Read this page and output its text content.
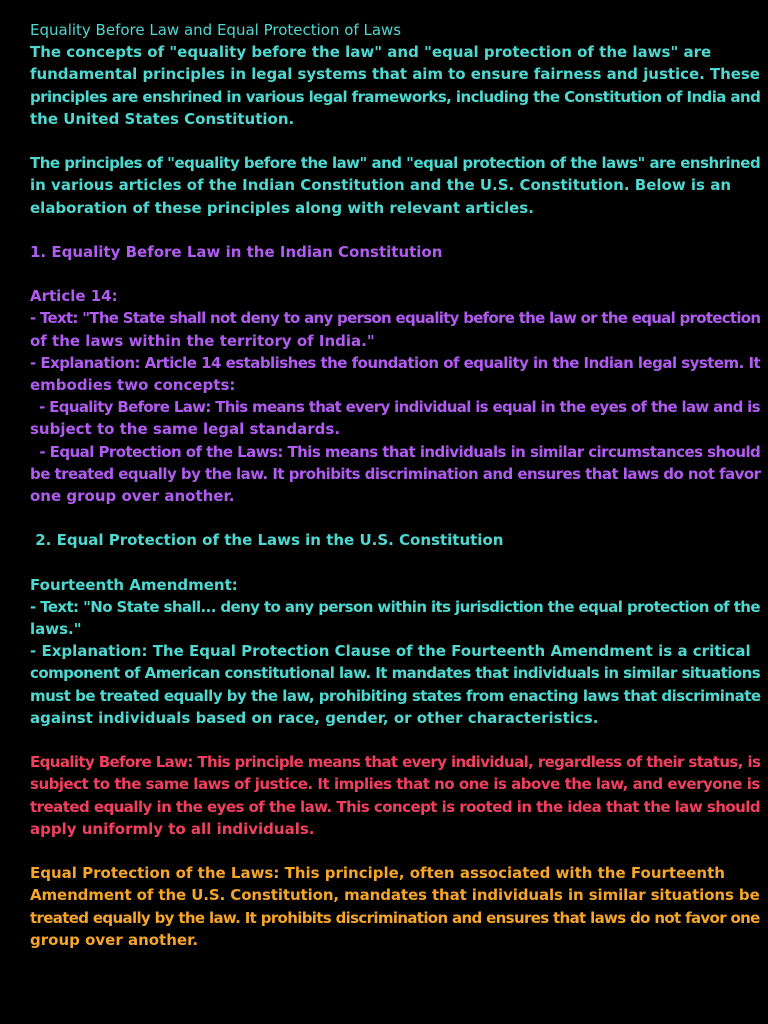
Equality Before Law and Equal Protection of Laws
The concepts of "equality before the law" and "equal protection of the laws" are
fundamental principles in legal systems that aim to ensure fairness and justice. These
principles are enshrined in various legal frameworks, including the Constitution of India and
the United States Constitution.
The principles of "equality before the law" and "equal protection of the laws" are enshrined
in various articles of the Indian Constitution and the U.S. Constitution. Below is an
elaboration of these principles along with relevant articles.
1. Equality Before Law in the Indian Constitution
Article 14:
- Text: "The State shall not deny to any person equality before the law or the equal protection
of the laws within the territory of India."
- Explanation: Article 14 establishes the foundation of equality in the Indian legal system. It
embodies two concepts:
- Equality Before Law: This means that every individual is equal in the eyes of the law and is
subject to the same legal standards.
- Equal Protection of the Laws: This means that individuals in similar circumstances should
be treated equally by the law. It prohibits discrimination and ensures that laws do not favor
one group over another.
2. Equal Protection of the Laws in the U.S. Constitution
Fourteenth Amendment:
- Text: "No State shall... deny to any person within its jurisdiction the equal protection of the
laws."
- Explanation: The Equal Protection Clause of the Fourteenth Amendment is a critical
component of American constitutional law. It mandates that individuals in similar situations
must be treated equally by the law, prohibiting states from enacting laws that discriminate
against individuals based on race, gender, or other characteristics.
Equality Before Law: This principle means that every individual, regardless of their status, is
subject to the same laws of justice. It implies that no one is above the law, and everyone is
treated equally in the eyes of the law. This concept is rooted in the idea that the law should
apply uniformly to all individuals.
Equal Protection of the Laws: This principle, often associated with the Fourteenth
Amendment of the U.S. Constitution, mandates that individuals in similar situations be
treated equally by the law. It prohibits discrimination and ensures that laws do not favor one
group over another.
